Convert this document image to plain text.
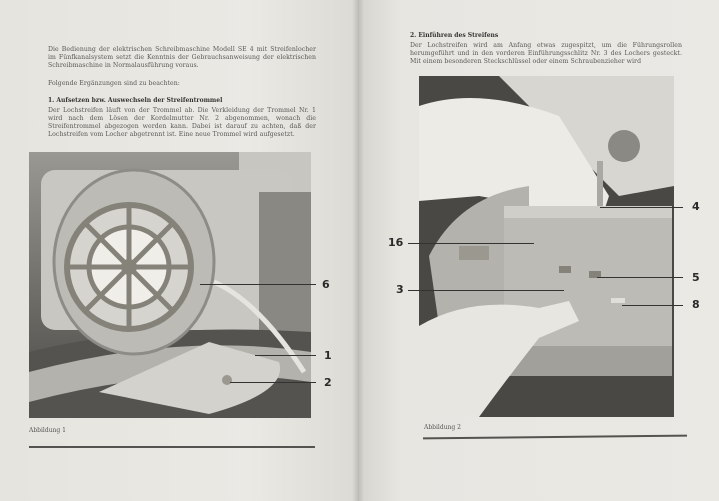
Die Bedienung der elektrischen Schreibmaschine Modell SE 4 mit Streifenlocher im Fünfkanalsystem setzt die Kenntnis der Gebrauchsanweisung der elektrischen Schreibmaschine in Normalausführung voraus.
Folgende Ergänzungen sind zu beachten:
1. Aufsetzen bzw. Auswechseln der Streifentrommel
Der Lochstreifen läuft von der Trommel ab. Die Verkleidung der Trommel Nr. 1 wird nach dem Lösen der Kordelmutter Nr. 2 abgenommen, wonach die Streifentrommel abgezogen werden kann. Dabei ist darauf zu achten, daß der Lochstreifen vom Locher abgetrennt ist. Eine neue Trommel wird aufgesetzt.
6
1
2
Abbildung 1
2. Einführen des Streifens
Der Lochstreifen wird am Anfang etwas zugespitzt, um die Führungsrollen herumgeführt und in den vorderen Einführungsschlitz Nr. 3 des Lochers gesteckt. Mit einem besonderen Steckschlüssel oder einem Schraubenzieher wird
4
16
5
3
8
Abbildung 2
